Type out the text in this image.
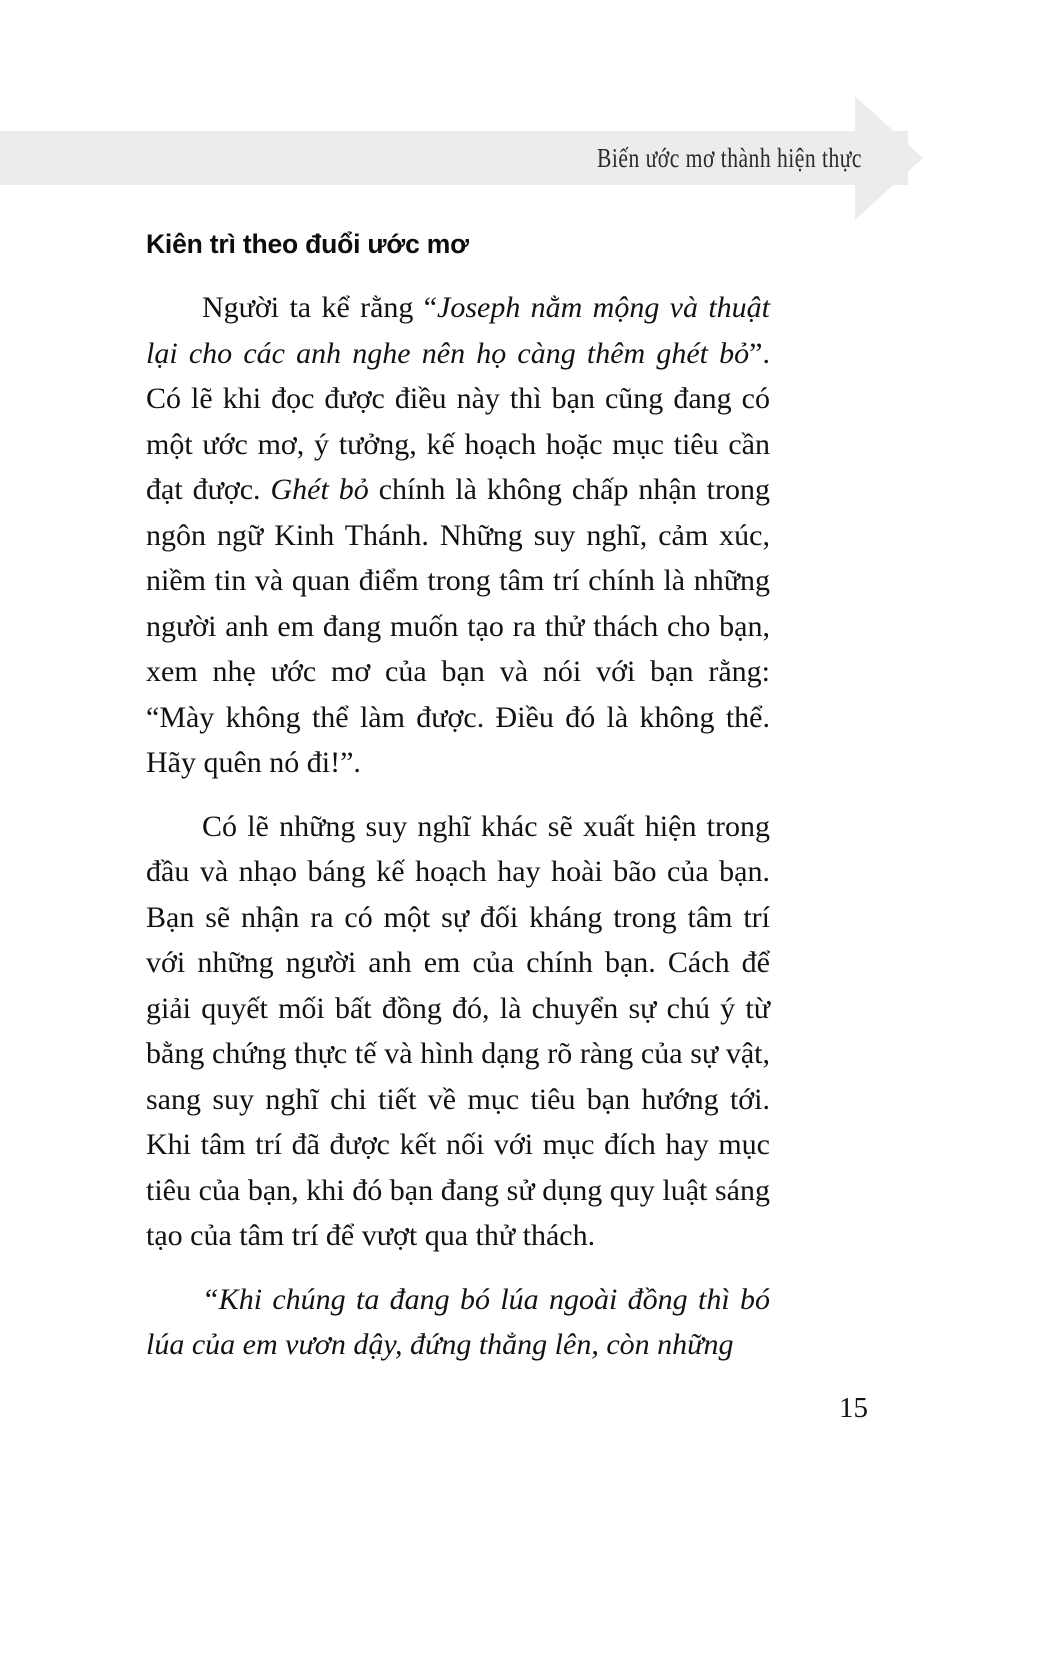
Biến ước mơ thành hiện thực
Kiên trì theo đuổi ước mơ

Người ta kể rằng “Joseph nằm mộng và thuật lại cho các anh nghe nên họ càng thêm ghét bỏ”. Có lẽ khi đọc được điều này thì bạn cũng đang có một ước mơ, ý tưởng, kế hoạch hoặc mục tiêu cần đạt được. Ghét bỏ chính là không chấp nhận trong ngôn ngữ Kinh Thánh. Những suy nghĩ, cảm xúc, niềm tin và quan điểm trong tâm trí chính là những người anh em đang muốn tạo ra thử thách cho bạn, xem nhẹ ước mơ của bạn và nói với bạn rằng: “Mày không thể làm được. Điều đó là không thể. Hãy quên nó đi!”.

Có lẽ những suy nghĩ khác sẽ xuất hiện trong đầu và nhạo báng kế hoạch hay hoài bão của bạn. Bạn sẽ nhận ra có một sự đối kháng trong tâm trí với những người anh em của chính bạn. Cách để giải quyết mối bất đồng đó, là chuyển sự chú ý từ bằng chứng thực tế và hình dạng rõ ràng của sự vật, sang suy nghĩ chi tiết về mục tiêu bạn hướng tới. Khi tâm trí đã được kết nối với mục đích hay mục tiêu của bạn, khi đó bạn đang sử dụng quy luật sáng tạo của tâm trí để vượt qua thử thách.

“Khi chúng ta đang bó lúa ngoài đồng thì bó lúa của em vươn dậy, đứng thẳng lên, còn những

15
